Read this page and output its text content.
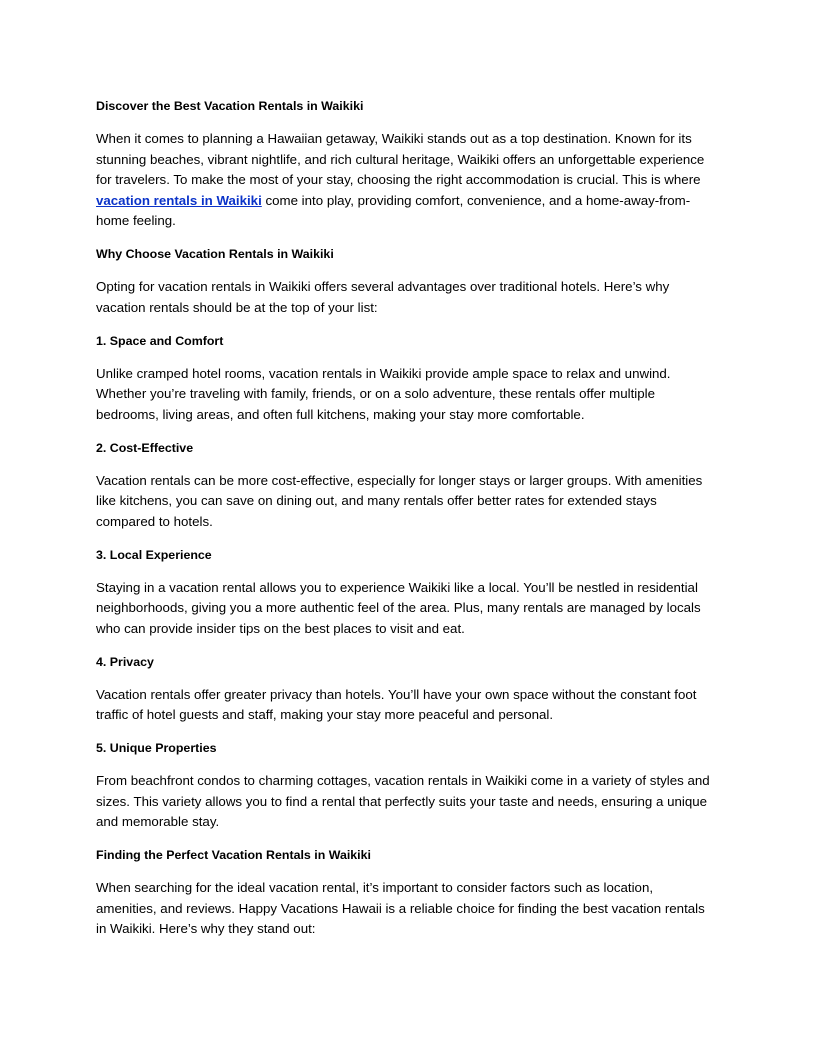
Discover the Best Vacation Rentals in Waikiki
When it comes to planning a Hawaiian getaway, Waikiki stands out as a top destination. Known for its
stunning beaches, vibrant nightlife, and rich cultural heritage, Waikiki offers an unforgettable experience
for travelers. To make the most of your stay, choosing the right accommodation is crucial. This is where
vacation rentals in Waikiki come into play, providing comfort, convenience, and a home-away-from-
home feeling.
Why Choose Vacation Rentals in Waikiki
Opting for vacation rentals in Waikiki offers several advantages over traditional hotels. Here’s why
vacation rentals should be at the top of your list:
1. Space and Comfort
Unlike cramped hotel rooms, vacation rentals in Waikiki provide ample space to relax and unwind.
Whether you’re traveling with family, friends, or on a solo adventure, these rentals offer multiple
bedrooms, living areas, and often full kitchens, making your stay more comfortable.
2. Cost-Effective
Vacation rentals can be more cost-effective, especially for longer stays or larger groups. With amenities
like kitchens, you can save on dining out, and many rentals offer better rates for extended stays
compared to hotels.
3. Local Experience
Staying in a vacation rental allows you to experience Waikiki like a local. You’ll be nestled in residential
neighborhoods, giving you a more authentic feel of the area. Plus, many rentals are managed by locals
who can provide insider tips on the best places to visit and eat.
4. Privacy
Vacation rentals offer greater privacy than hotels. You’ll have your own space without the constant foot
traffic of hotel guests and staff, making your stay more peaceful and personal.
5. Unique Properties
From beachfront condos to charming cottages, vacation rentals in Waikiki come in a variety of styles and
sizes. This variety allows you to find a rental that perfectly suits your taste and needs, ensuring a unique
and memorable stay.
Finding the Perfect Vacation Rentals in Waikiki
When searching for the ideal vacation rental, it’s important to consider factors such as location,
amenities, and reviews. Happy Vacations Hawaii is a reliable choice for finding the best vacation rentals
in Waikiki. Here’s why they stand out:
